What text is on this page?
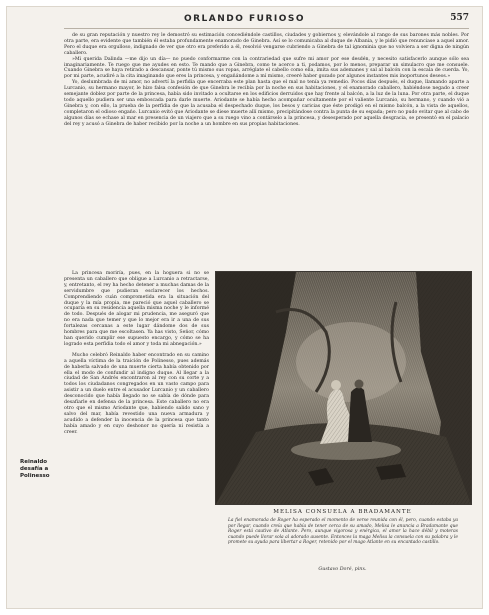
ORLANDO FURIOSO	557

de su gran reputación y nuestro rey le demostró su estimación concediéndole castillos, ciudades y gobiernos y, elevándole al rango de sus barones más nobles. Por otra parte, era evidente que también él estaba profundamente enamorado de Ginebra. Así se lo comunicaba al duque de Albania, y le pidió que renunciase a aquel amor. Pero el duque era orgulloso, indignado de ver que otro era preferido a él, resolvió vengarse cubriendo a Ginebra de tal ignominia que no volviera a ser digna de ningún caballero.

»Mi querida Dalinda —me dijo un día— no puedo conformarme con la contrariedad que sufre mi amor por ese desdén, y necesito satisfacerlo aunque sólo sea imaginariamente. Te ruego que me ayudes en esto. Te mando que a Ginebra, como te acerco a ti, podamos, por lo menos, preparar un simulacro que me consuele. Cuando Ginebra se haya retirado a descansar, ponte tú mismo sus ropas, arréglate el cabello como ella, imita sus ademanes y sal al balcón con la escala de cuerda. Yo, por mi parte, acudiré a la cita imaginando que eres la princesa, y engañándome a mí mismo, creeré haber gozado por algunos instantes mis inoportunos deseos.»

Yo, deslumbrada de mi amor, no advertí la perfidia que encerraba este plan hasta que el mal no tenía ya remedio. Pocos días después, el duque, llamando aparte a Lurcanio, su hermano mayor, le hizo falsa confesión de que Ginebra le recibía por la noche en sus habitaciones, y el enamorado caballero, habiéndose negado a creer semejante doblez por parte de la princesa, había sido invitado a ocultarse en los edificios derruidos que hay frente al balcón, a la luz de la luna. Por otra parte, el duque todo aquello pudiera ser una emboscada para darle muerte. Ariodante se había hecho acompañar ocultamente por el valiente Lurcanio, su hermano, y cuando vió a Ginebra y, con ello, la prueba de la perfidia de que la acusaba el despechado duque, los besos y caricias que éste prodigó en el mismo balcón, a la vista de aquellos, completaron el odioso engaño. Lurcanio evitó que Ariodante se diese muerte allí mismo, precipitándose contra la punta de su espada; pero no pudo evitar que al cabo de algunos días se echase al mar en presencia de un viajero que a su ruego vino a contárselo a la princesa, y desesperado por aquella desgracia, se presentó en el palacio del rey y acusó a Ginebra de haber recibido por la noche a un hombre en sus propias habitaciones.

La princesa moriría, pues, en la hoguera si no se presenta un caballero que obligue a Lurcanio a retractarse, y, entretanto, el rey ha hecho detener a muchas damas de la servidumbre que pudieran esclarecer los hechos. Comprendiendo cuán comprometida era la situación del duque y la mía propia, me pareció que aquel caballero se ocuparía en su residencia aquella misma noche y le informé de todo. Después de alogar mi prudencia, me aseguró que no era nada que temer y que lo mejor era ir a una de sus fortalezas cercanas a este lugar dándome dos de sus hombres para que me escoltasen. Ya has visto, Señor, cómo han querido cumplir ese supuesto encargo, y cómo se ha logrado esta perfidia todo el amor y toda mi abnegación.»

Mucho celebró Reinaldo haber encontrado en su camino a aquella víctima de la traición de Polinesso, pues además de haberla salvado de una muerte cierta había obtenido por ella el modo de confundir al indigno duque. Al llegar a la ciudad de San Andrés encontraron al rey con su corte y a todos los ciudadanos congregados en un vasto campo para asistir a un duelo entre el acusador Lurcanio y un caballero desconocido que había llegado no se sabía de dónde para desafiarle en defensa de la princesa. Este caballero no era otro que el mismo Ariodante que, habiendo salido sano y salvo del mar, había revestido una nueva armadura y acudido a defender la inocencia de la princesa que tanto había amado y en cuyo deshonor no quería ni resistía a creer.

Reinaldo desafía a Polinesso
MELISA CONSUELA A BRADAMANTE
La fiel enamorada de Roger ha esperado el momento de verse reunida con él, pero, cuando estaba ya por llegar, cuando creía que había de tener cerca de su amado, Melisa le anuncia a Bradamante que Roger está cautivo de Atlante. Pero, aunque vigorosa y enérgica, el amor la hace débil y moteras cuando puede llorar sola al adorado ausente. Entonces la maga Melisa la consuela con su palabra y le promete su ayuda para libertar a Roger, retenido por el mago Atlante en su encantado castillo.
Gustavo Doré, pinx.
